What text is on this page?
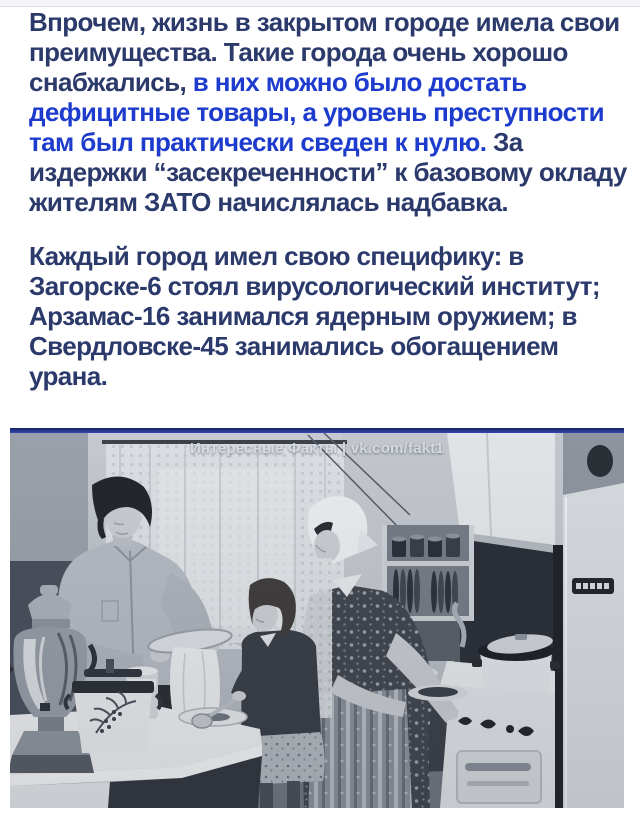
Впрочем, жизнь в закрытом городе имела свои преимущества. Такие города очень хорошо снабжались, в них можно было достать дефицитные товары, а уровень преступности там был практически сведен к нулю. За издержки “засекреченности” к базовому окладу жителям ЗАТО начислялась надбавка.

Каждый город имел свою специфику: в Загорске-6 стоял вирусологический институт; Арзамас-16 занимался ядерным оружием; в Свердловске-45 занимались обогащением урана.

Интересные Факты | vk.com/fakt1
